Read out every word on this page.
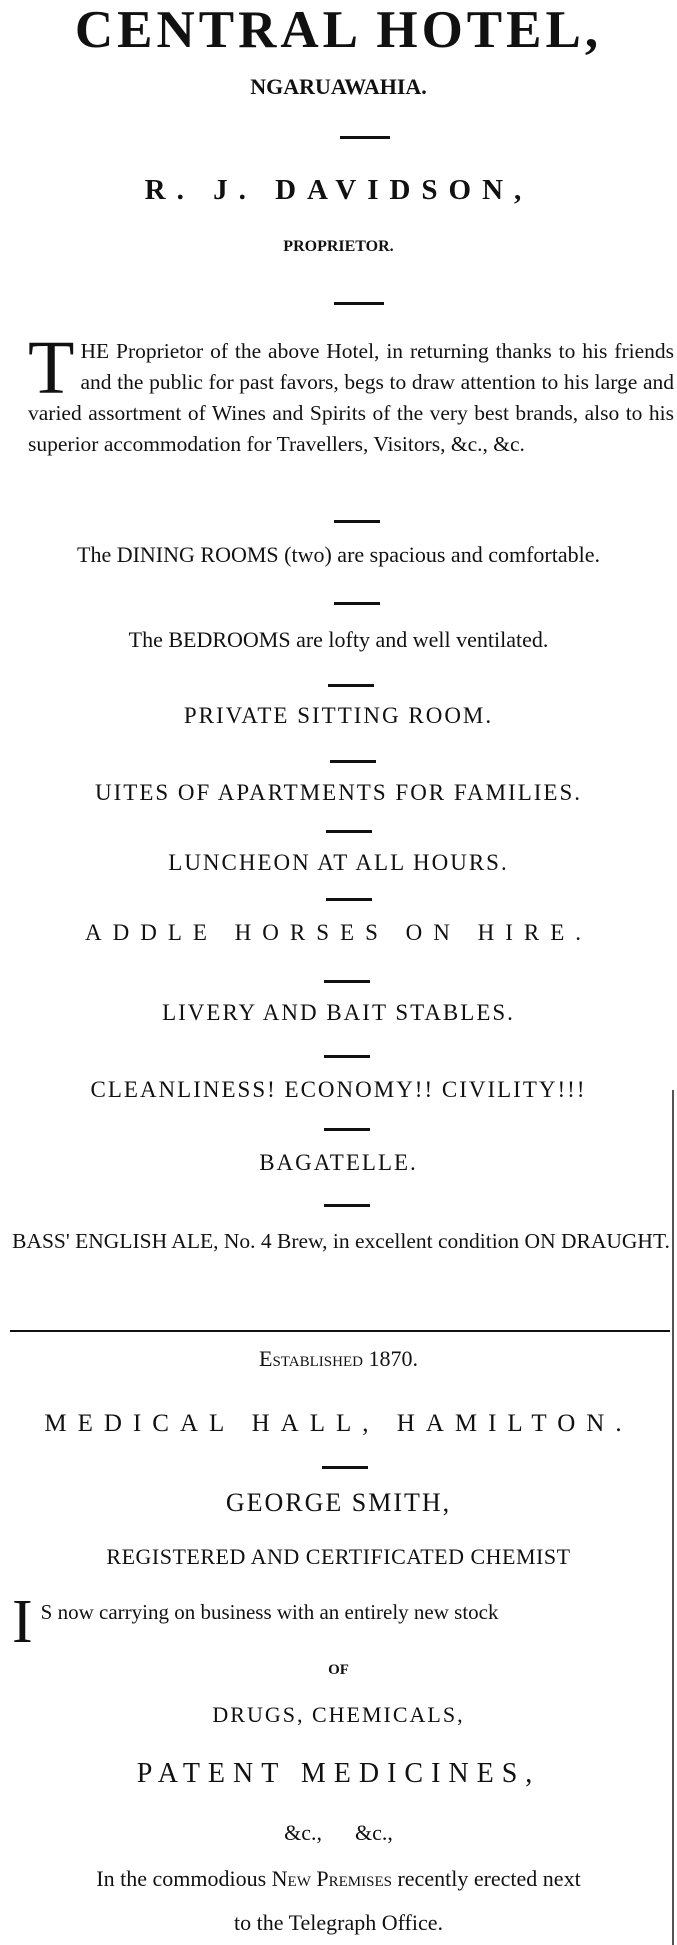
CENTRAL HOTEL,
NGARUAWAHIA.
R. J. DAVIDSON,
PROPRIETOR.
T HE Proprietor of the above Hotel, in returning thanks to his friends and the public for past favors, begs to draw attention to his large and varied assortment of Wines and Spirits of the very best brands, also to his superior accommodation for Travellers, Visitors, &c., &c.
The DINING ROOMS (two) are spacious and comfortable.
The BEDROOMS are lofty and well ventilated.
PRIVATE SITTING ROOM.
UITES OF APARTMENTS FOR FAMILIES.
LUNCHEON AT ALL HOURS.
ADDLE HORSES ON HIRE.
LIVERY AND BAIT STABLES.
CLEANLINESS! ECONOMY!! CIVILITY!!!
BAGATELLE.
BASS' ENGLISH ALE, No. 4 Brew, in excellent condition ON DRAUGHT.
Established 1870.
MEDICAL HALL, HAMILTON.
GEORGE SMITH,
REGISTERED AND CERTIFICATED CHEMIST
I S now carrying on business with an entirely new stock
OF
DRUGS, CHEMICALS,
PATENT MEDICINES,
&c.,      &c.,
In the commodious New Premises recently erected next
to the Telegraph Office.
